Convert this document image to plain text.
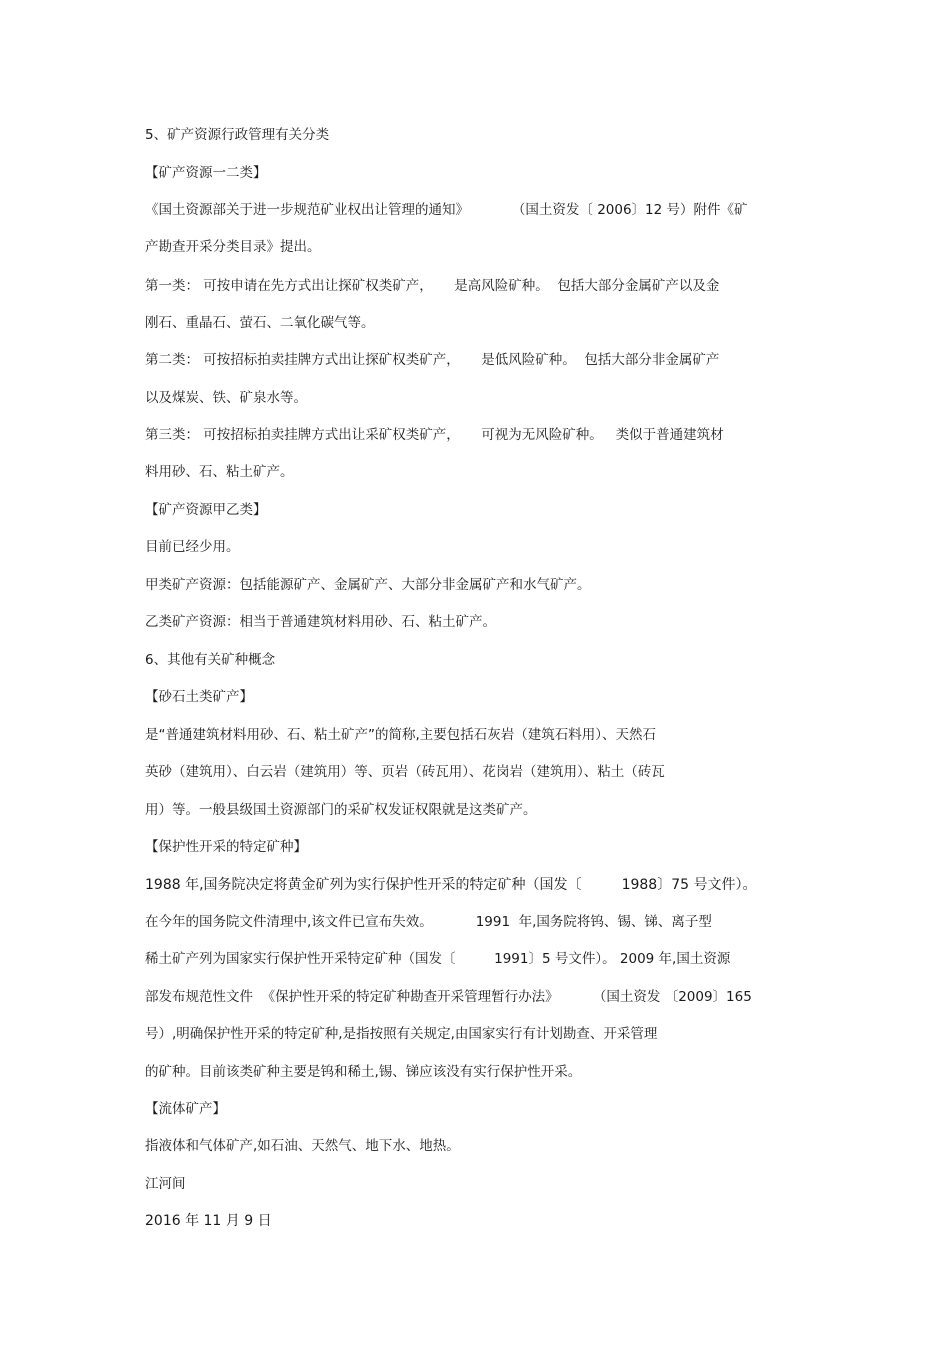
5、矿产资源行政管理有关分类
【矿产资源一二类】
《国土资源部关于进一步规范矿业权出让管理的通知》          （国土资发〔 2006〕12 号）附件《矿
产勘查开采分类目录》提出。
第一类： 可按申请在先方式出让探矿权类矿产，     是高风险矿种。  包括大部分金属矿产以及金
刚石、重晶石、萤石、二氧化碳气等。
第二类： 可按招标拍卖挂牌方式出让探矿权类矿产，     是低风险矿种。  包括大部分非金属矿产
以及煤炭、铁、矿泉水等。
第三类： 可按招标拍卖挂牌方式出让采矿权类矿产，     可视为无风险矿种。   类似于普通建筑材
料用砂、石、粘土矿产。
【矿产资源甲乙类】
目前已经少用。
甲类矿产资源：包括能源矿产、金属矿产、大部分非金属矿产和水气矿产。
乙类矿产资源：相当于普通建筑材料用砂、石、粘土矿产。
6、其他有关矿种概念
【砂石土类矿产】
是“普通建筑材料用砂、石、粘土矿产”的简称,主要包括石灰岩（建筑石料用）、天然石
英砂（建筑用）、白云岩（建筑用）等、页岩（砖瓦用）、花岗岩（建筑用）、粘土（砖瓦
用）等。一般县级国土资源部门的采矿权发证权限就是这类矿产。
【保护性开采的特定矿种】
1988 年,国务院决定将黄金矿列为实行保护性开采的特定矿种（国发〔         1988〕75 号文件）。
在今年的国务院文件清理中,该文件已宣布失效。          1991  年,国务院将钨、锡、锑、离子型
稀土矿产列为国家实行保护性开采特定矿种（国发〔         1991〕5 号文件）。 2009 年,国土资源
部发布规范性文件  《保护性开采的特定矿种勘查开采管理暂行办法》        （国土资发 〔2009〕165
号）,明确保护性开采的特定矿种,是指按照有关规定,由国家实行有计划勘查、开采管理
的矿种。目前该类矿种主要是钨和稀土,锡、锑应该没有实行保护性开采。
【流体矿产】
指液体和气体矿产,如石油、天然气、地下水、地热。
江河间
2016 年 11 月 9 日
